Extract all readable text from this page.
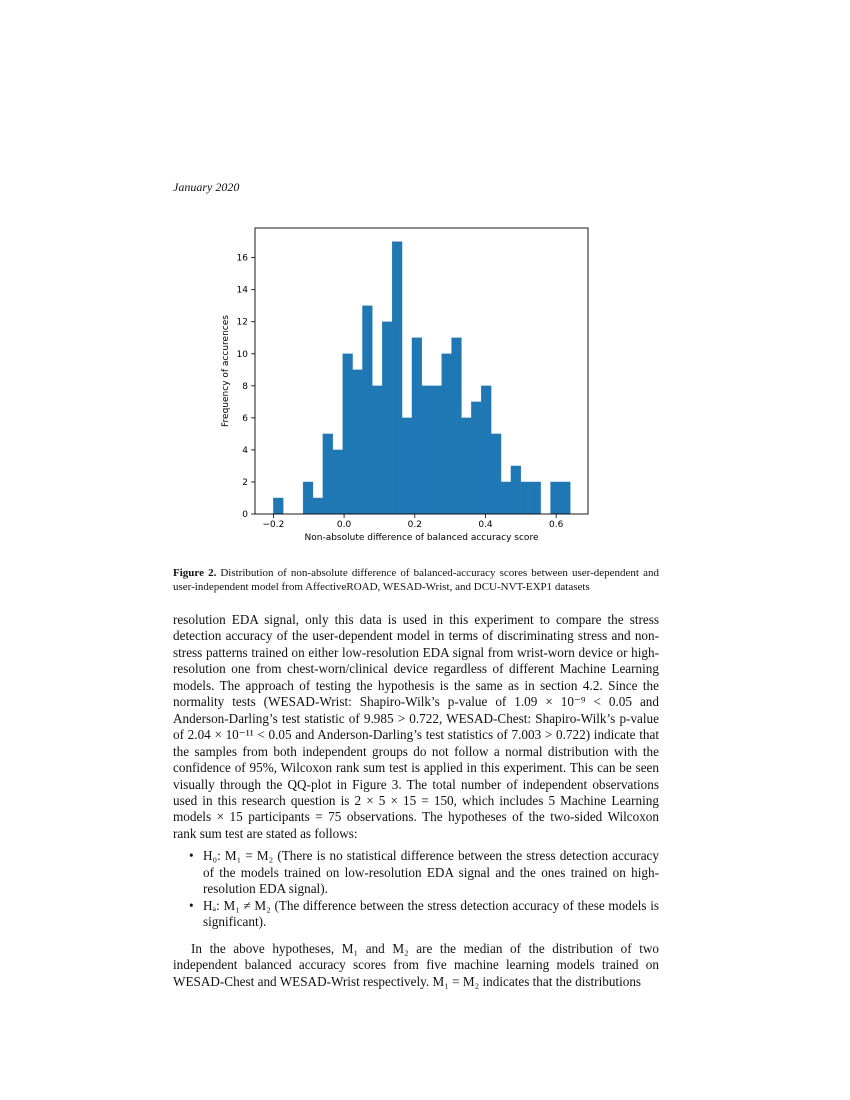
January 2020
−0.2	0.0	0.2	0.4	0.6
0
2
4
6
8
10
12
14
16
Non-absolute difference of balanced accuracy score
Frequency of accurences
Figure 2. Distribution of non-absolute difference of balanced-accuracy scores between user-dependent and user-independent model from AffectiveROAD, WESAD-Wrist, and DCU-NVT-EXP1 datasets

resolution EDA signal, only this data is used in this experiment to compare the stress detection accuracy of the user-dependent model in terms of discriminating stress and non-stress patterns trained on either low-resolution EDA signal from wrist-worn device or high-resolution one from chest-worn/clinical device regardless of different Machine Learning models. The approach of testing the hypothesis is the same as in section 4.2. Since the normality tests (WESAD-Wrist: Shapiro-Wilk’s p-value of 1.09 × 10⁻⁹ < 0.05 and Anderson-Darling’s test statistic of 9.985 > 0.722, WESAD-Chest: Shapiro-Wilk’s p-value of 2.04 × 10⁻¹¹ < 0.05 and Anderson-Darling’s test statistics of 7.003 > 0.722) indicate that the samples from both independent groups do not follow a normal distribution with the confidence of 95%, Wilcoxon rank sum test is applied in this experiment. This can be seen visually through the QQ-plot in Figure 3. The total number of independent observations used in this research question is 2 × 5 × 15 = 150, which includes 5 Machine Learning models × 15 participants = 75 observations. The hypotheses of the two-sided Wilcoxon rank sum test are stated as follows:

• H₀: M₁ = M₂ (There is no statistical difference between the stress detection accuracy of the models trained on low-resolution EDA signal and the ones trained on high-resolution EDA signal).
• Hₐ: M₁ ≠ M₂ (The difference between the stress detection accuracy of these models is significant).

In the above hypotheses, M₁ and M₂ are the median of the distribution of two independent balanced accuracy scores from five machine learning models trained on WESAD-Chest and WESAD-Wrist respectively. M₁ = M₂ indicates that the distributions
